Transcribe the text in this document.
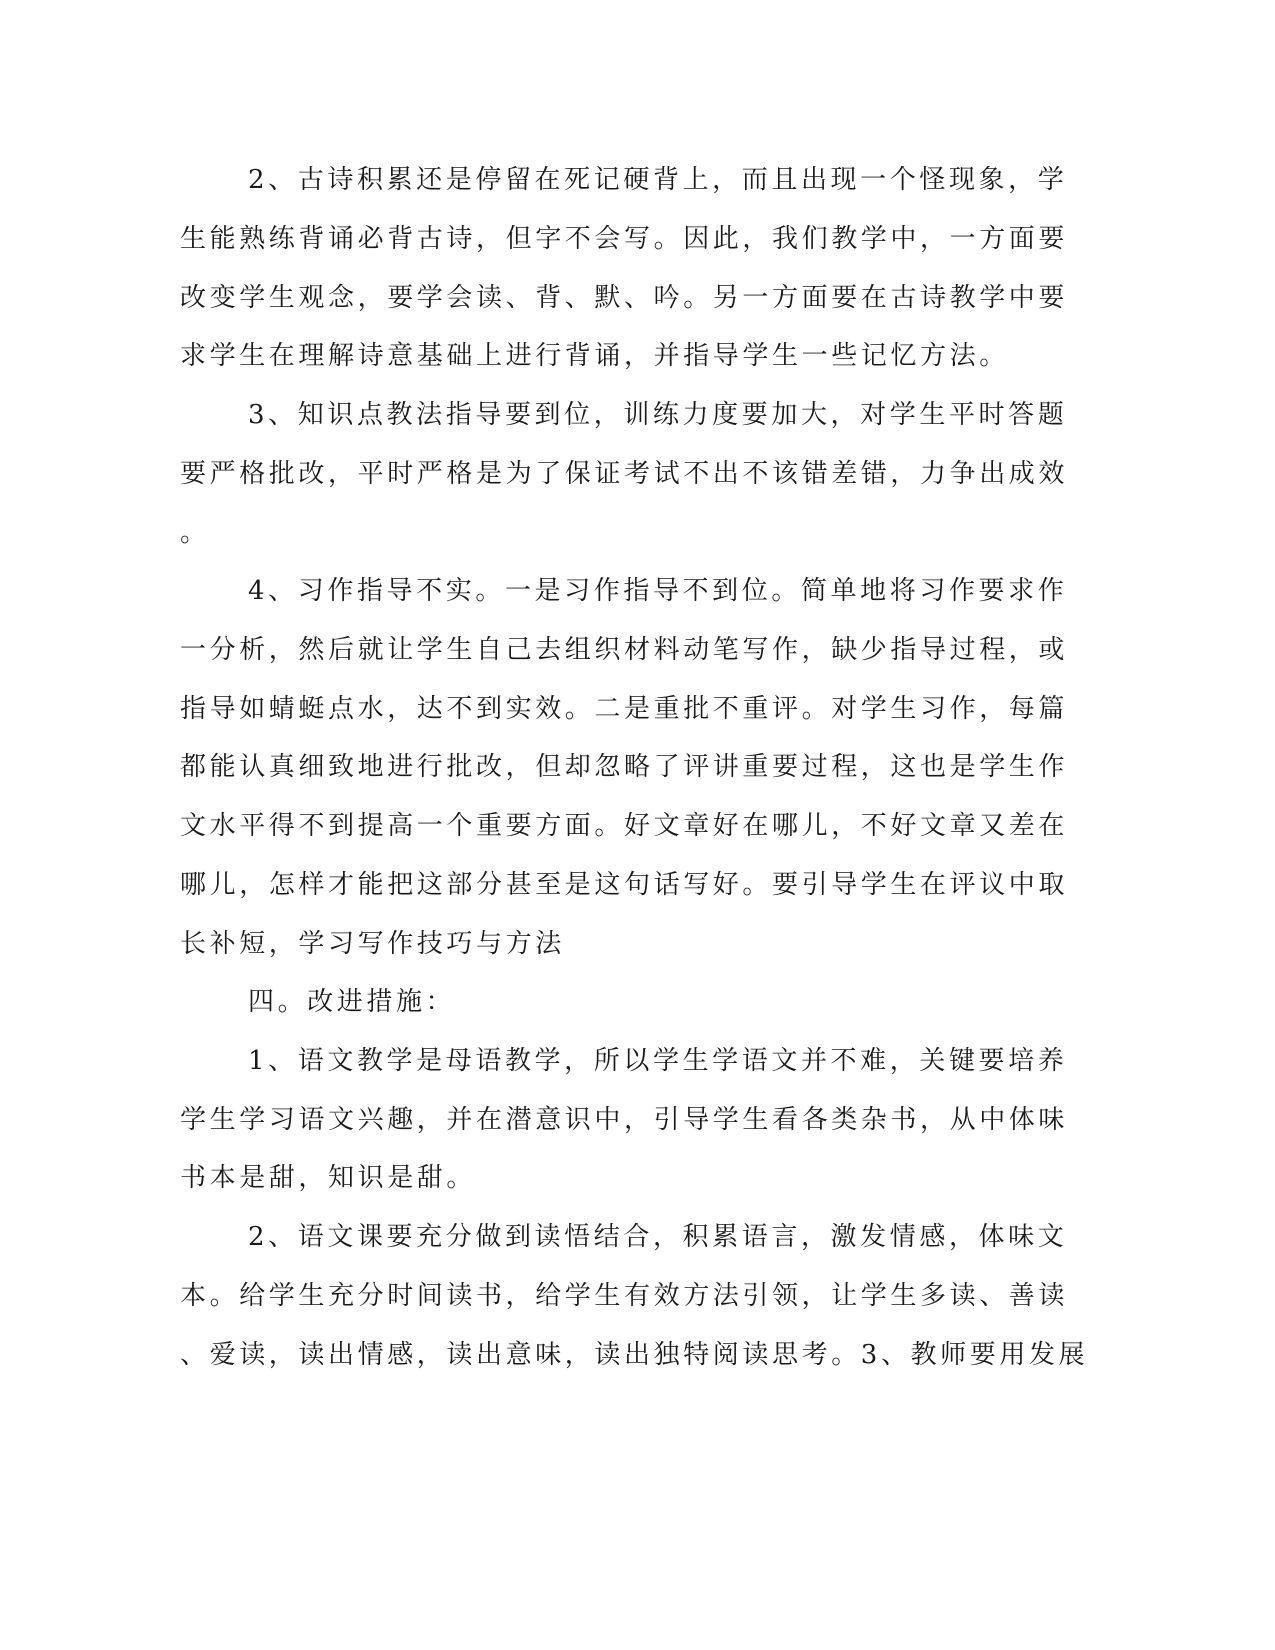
2、古诗积累还是停留在死记硬背上，而且出现一个怪现象，学
生能熟练背诵必背古诗，但字不会写。因此，我们教学中，一方面要
改变学生观念，要学会读、背、默、吟。另一方面要在古诗教学中要
求学生在理解诗意基础上进行背诵，并指导学生一些记忆方法。
3、知识点教法指导要到位，训练力度要加大，对学生平时答题
要严格批改，平时严格是为了保证考试不出不该错差错，力争出成效
。
4、习作指导不实。一是习作指导不到位。简单地将习作要求作
一分析，然后就让学生自己去组织材料动笔写作，缺少指导过程，或
指导如蜻蜓点水，达不到实效。二是重批不重评。对学生习作，每篇
都能认真细致地进行批改，但却忽略了评讲重要过程，这也是学生作
文水平得不到提高一个重要方面。好文章好在哪儿，不好文章又差在
哪儿，怎样才能把这部分甚至是这句话写好。要引导学生在评议中取
长补短，学习写作技巧与方法
四。改进措施：
1、语文教学是母语教学，所以学生学语文并不难，关键要培养
学生学习语文兴趣，并在潜意识中，引导学生看各类杂书，从中体味
书本是甜，知识是甜。
2、语文课要充分做到读悟结合，积累语言，激发情感，体味文
本。给学生充分时间读书，给学生有效方法引领，让学生多读、善读
、爱读，读出情感，读出意味，读出独特阅读思考。3、教师要用发展
